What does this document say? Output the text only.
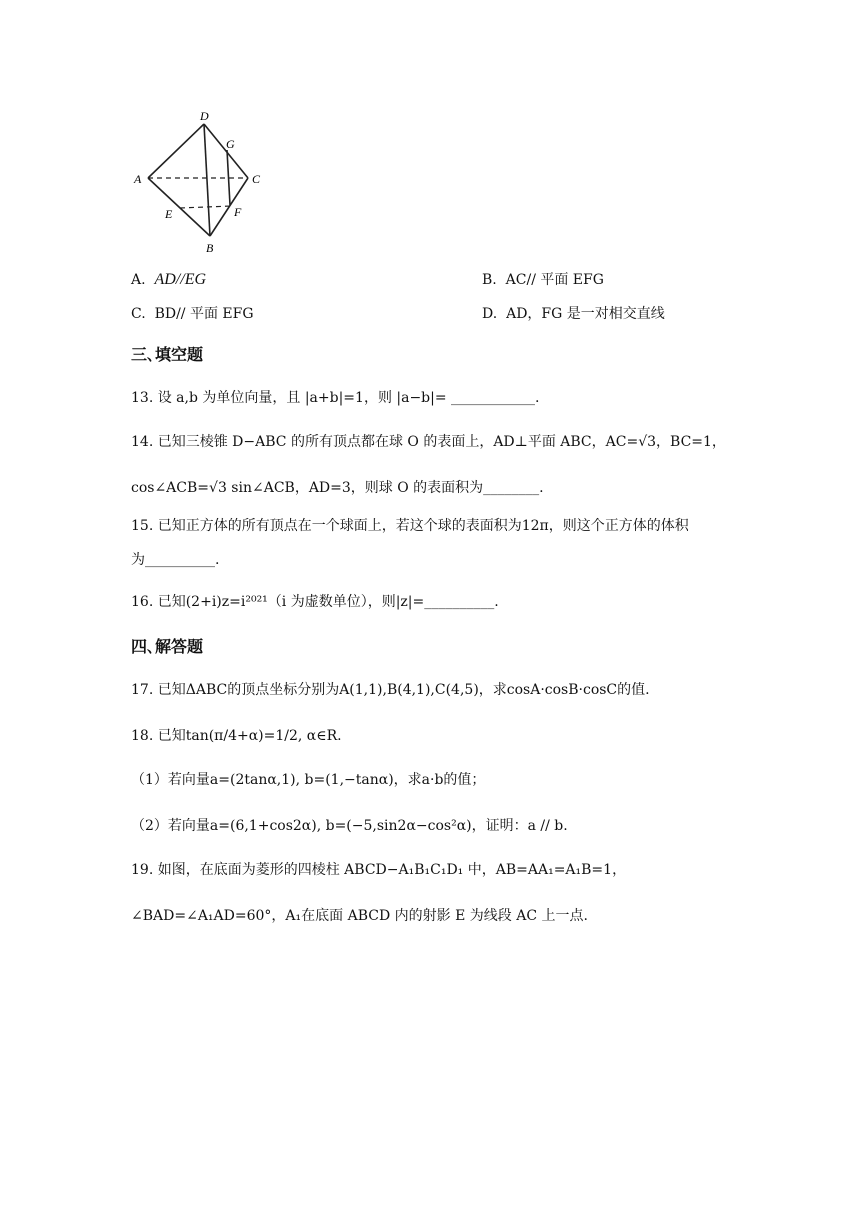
D
G
A	C
E	F
B
A. AD//EG	B. AC// 平面 EFG
C. BD// 平面 EFG	D. AD，FG 是一对相交直线
三､填空题
13. 设 a,b 为单位向量，且 |a+b|=1，则 |a−b|= ____________.
14. 已知三棱锥 D−ABC 的所有顶点都在球 O 的表面上，AD⊥平面 ABC，AC=√3，BC=1，
cos∠ACB=√3 sin∠ACB，AD=3，则球 O 的表面积为________.
15. 已知正方体的所有顶点在一个球面上，若这个球的表面积为12π，则这个正方体的体积
为__________.
16. 已知(2+i)z=i²⁰²¹（i 为虚数单位），则|z|=__________.
四､解答题
17. 已知ΔABC的顶点坐标分别为A(1,1),B(4,1),C(4,5)，求cosA·cosB·cosC的值.
18. 已知tan(π/4+α)=1/2, α∈R.
（1）若向量a=(2tanα,1), b=(1,−tanα)，求a·b的值；
（2）若向量a=(6,1+cos2α), b=(−5,sin2α−cos²α)，证明：a // b.
19. 如图，在底面为菱形的四棱柱 ABCD−A₁B₁C₁D₁ 中，AB=AA₁=A₁B=1，
∠BAD=∠A₁AD=60°，A₁在底面 ABCD 内的射影 E 为线段 AC 上一点.
